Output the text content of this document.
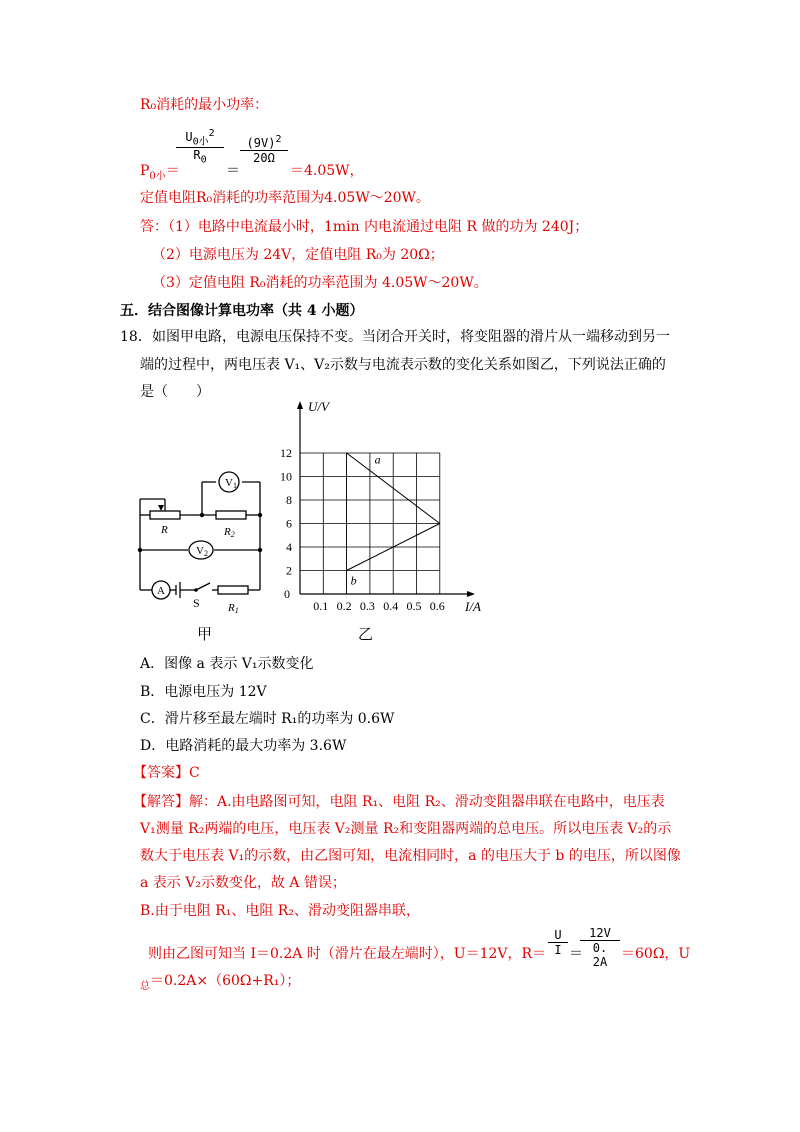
R₀消耗的最小功率：
$P_{0小}=$
$U_{0小}^2$
$R_0$
＝
$\frac{(9V)^2}{20\Omega}$
＝4.05W，
定值电阻R₀消耗的功率范围为4.05W～20W。
答：（1）电路中电流最小时，1min 内电流通过电阻 R 做的功为 240J；
（2）电源电压为 24V，定值电阻 R₀为 20Ω；
（3）定值电阻 R₀消耗的功率范围为 4.05W～20W。
五．结合图像计算电功率（共 4 小题）
18． 如图甲电路，电源电压保持不变。当闭合开关时，将变阻器的滑片从一端移动到另一
端的过程中，两电压表 V₁、V₂示数与电流表示数的变化关系如图乙，下列说法正确的
是（　　）
V1
V2
A
R	R2
S	R1
甲
a
b
0.1 0.2 0.3 0.4 0.5 0.6
2
4
6
8
10
12
U/V
I/A
0
乙
A．图像 a 表示 V₁示数变化
B．电源电压为 12V
C．滑片移至最左端时 R₁的功率为 0.6W
D．电路消耗的最大功率为 3.6W
【答案】C
【解答】解：A.由电路图可知，电阻 R₁、电阻 R₂、滑动变阻器串联在电路中，电压表
V₁测量 R₂两端的电压，电压表 V₂测量 R₂和变阻器两端的总电压。所以电压表 V₂的示
数大于电压表 V₁的示数，由乙图可知，电流相同时，a 的电压大于 b 的电压，所以图像
a 表示 V₂示数变化，故 A 错误；
B.由于电阻 R₁、电阻 R₂、滑动变阻器串联，
则由乙图可知当 I＝0.2A 时（滑片在最左端时），U＝12V，$R= \frac{U}{I}$ ＝
$\frac{12V}{0. 2A} =60\Omega$，U
$_总$＝0.2A×（60Ω+R₁）；
